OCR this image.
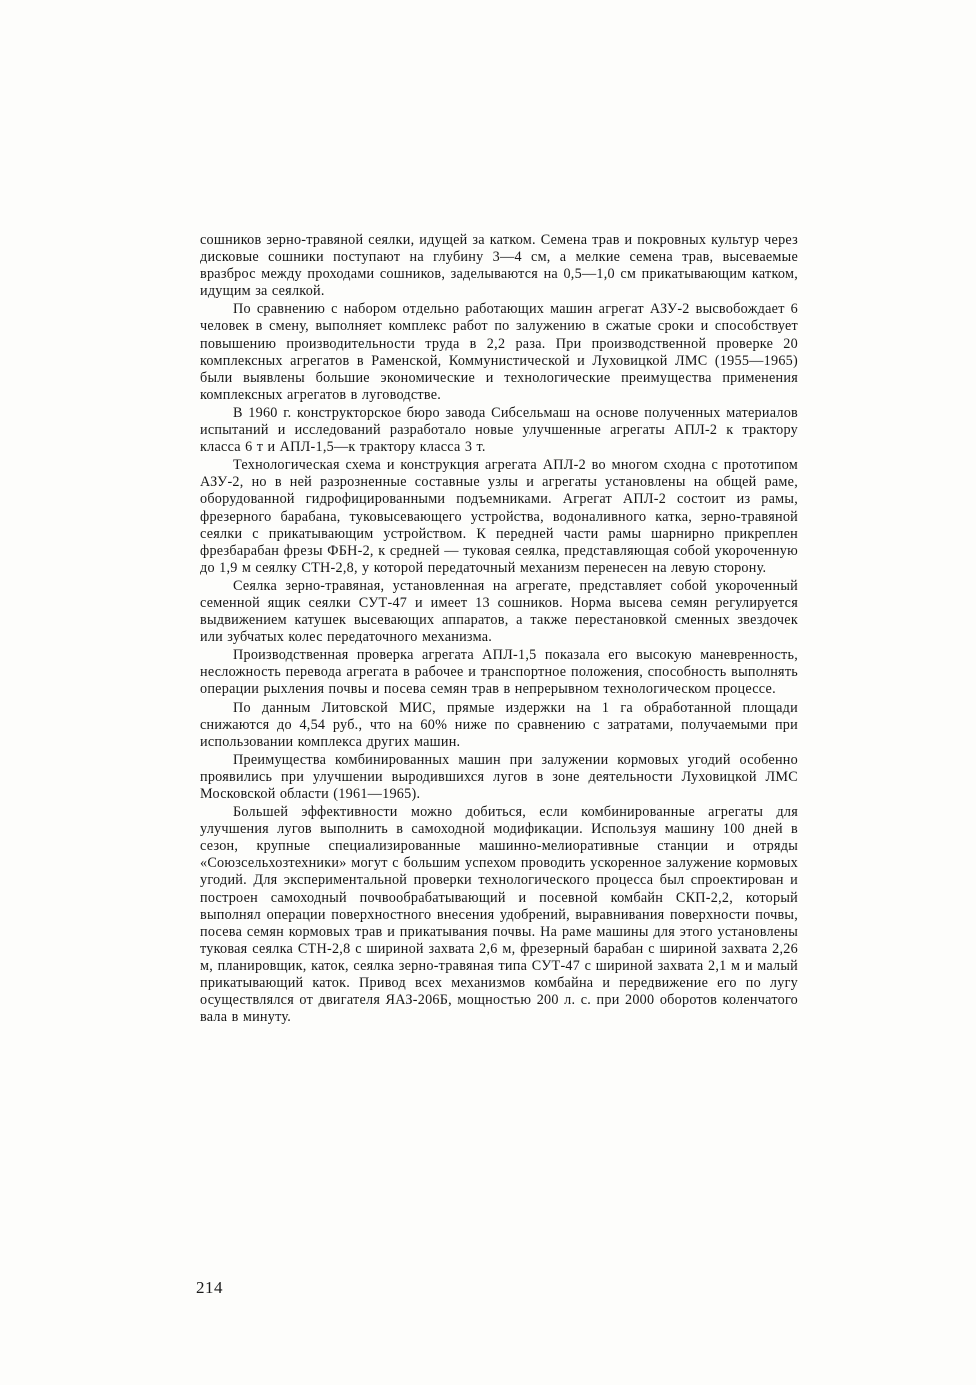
сошников зерно-травяной сеялки, идущей за катком. Семена трав и покровных культур через дисковые сошники поступают на глубину 3—4 см, а мелкие семена трав, высеваемые вразброс между проходами сошников, заделываются на 0,5—1,0 см прикатывающим катком, идущим за сеялкой.

По сравнению с набором отдельно работающих машин агрегат АЗУ-2 высвобождает 6 человек в смену, выполняет комплекс работ по залужению в сжатые сроки и способствует повышению производительности труда в 2,2 раза. При производственной проверке 20 комплексных агрегатов в Раменской, Коммунистической и Луховицкой ЛМС (1955—1965) были выявлены большие экономические и технологические преимущества применения комплексных агрегатов в луговодстве.

В 1960 г. конструкторское бюро завода Сибсельмаш на основе полученных материалов испытаний и исследований разработало новые улучшенные агрегаты АПЛ-2 к трактору класса 6 т и АПЛ-1,5—к трактору класса 3 т.

Технологическая схема и конструкция агрегата АПЛ-2 во многом сходна с прототипом АЗУ-2, но в ней разрозненные составные узлы и агрегаты установлены на общей раме, оборудованной гидрофицированными подъемниками. Агрегат АПЛ-2 состоит из рамы, фрезерного барабана, туковысевающего устройства, водоналивного катка, зерно-травяной сеялки с прикатывающим устройством. К передней части рамы шарнирно прикреплен фрезбарабан фрезы ФБН-2, к средней — туковая сеялка, представляющая собой укороченную до 1,9 м сеялку СТН-2,8, у которой передаточный механизм перенесен на левую сторону.

Сеялка зерно-травяная, установленная на агрегате, представляет собой укороченный семенной ящик сеялки СУТ-47 и имеет 13 сошников. Норма высева семян регулируется выдвижением катушек высевающих аппаратов, а также перестановкой сменных звездочек или зубчатых колес передаточного механизма.

Производственная проверка агрегата АПЛ-1,5 показала его высокую маневренность, несложность перевода агрегата в рабочее и транспортное положения, способность выполнять операции рыхления почвы и посева семян трав в непрерывном технологическом процессе.

По данным Литовской МИС, прямые издержки на 1 га обработанной площади снижаются до 4,54 руб., что на 60% ниже по сравнению с затратами, получаемыми при использовании комплекса других машин.

Преимущества комбинированных машин при залужении кормовых угодий особенно проявились при улучшении выродившихся лугов в зоне деятельности Луховицкой ЛМС Московской области (1961—1965).

Большей эффективности можно добиться, если комбинированные агрегаты для улучшения лугов выполнить в самоходной модификации. Используя машину 100 дней в сезон, крупные специализированные машинно-мелиоративные станции и отряды «Союзсельхозтехники» могут с большим успехом проводить ускоренное залужение кормовых угодий. Для экспериментальной проверки технологического процесса был спроектирован и построен самоходный почвообрабатывающий и посевной комбайн СКП-2,2, который выполнял операции поверхностного внесения удобрений, выравнивания поверхности почвы, посева семян кормовых трав и прикатывания почвы. На раме машины для этого установлены туковая сеялка СТН-2,8 с шириной захвата 2,6 м, фрезерный барабан с шириной захвата 2,26 м, планировщик, каток, сеялка зерно-травяная типа СУТ-47 с шириной захвата 2,1 м и малый прикатывающий каток. Привод всех механизмов комбайна и передвижение его по лугу осуществлялся от двигателя ЯАЗ-206Б, мощностью 200 л. с. при 2000 оборотов коленчатого вала в минуту.

214
